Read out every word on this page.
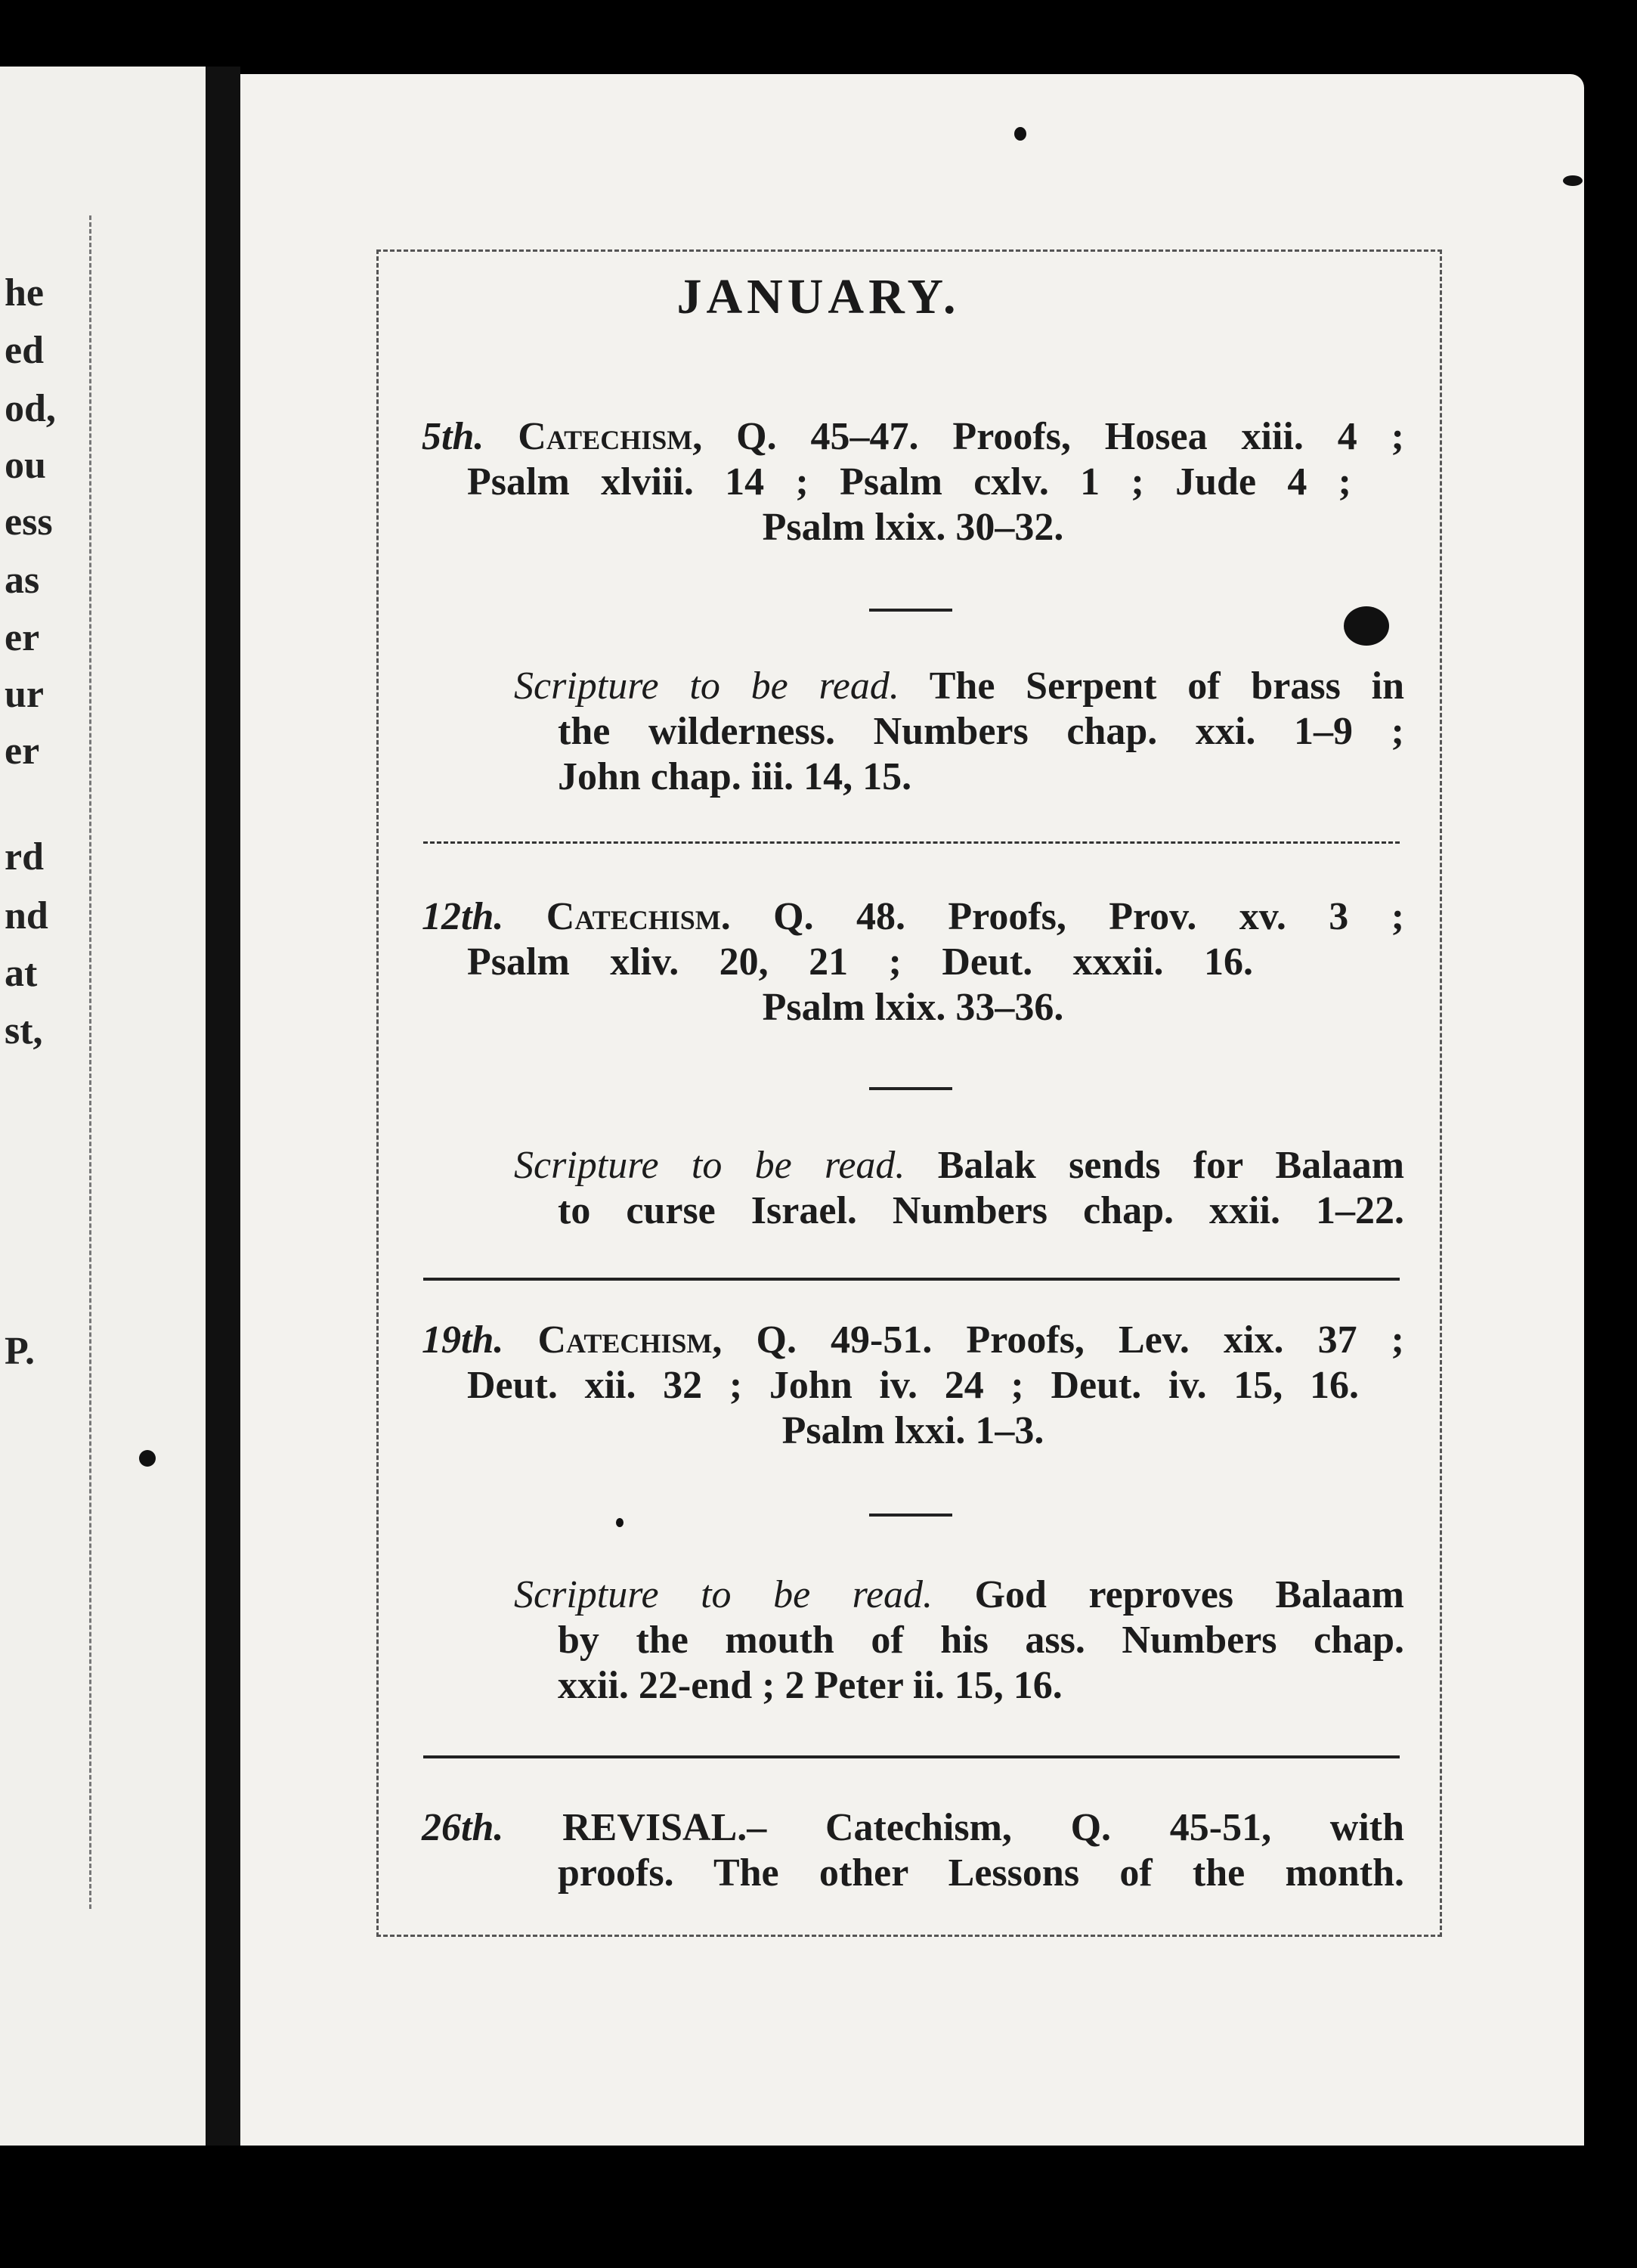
he
ed
od,
ou
ess
as
er
ur
er
rd
nd
at
st,
P.
JANUARY.
5th. Catechism, Q. 45–47. Proofs, Hosea xiii. 4 ;
Psalm xlviii. 14 ; Psalm cxlv. 1 ; Jude 4 ;
Psalm lxix. 30–32.
Scripture to be read. The Serpent of brass in
the wilderness. Numbers chap. xxi. 1–9 ;
John chap. iii. 14, 15.
12th. Catechism. Q. 48. Proofs, Prov. xv. 3 ;
Psalm xliv. 20, 21 ; Deut. xxxii. 16.
Psalm lxix. 33–36.
Scripture to be read. Balak sends for Balaam
to curse Israel. Numbers chap. xxii. 1–22.
19th. Catechism, Q. 49-51. Proofs, Lev. xix. 37 ;
Deut. xii. 32 ; John iv. 24 ; Deut. iv. 15, 16.
Psalm lxxi. 1–3.
Scripture to be read. God reproves Balaam
by the mouth of his ass. Numbers chap.
xxii. 22-end ; 2 Peter ii. 15, 16.
26th. REVISAL.– Catechism, Q. 45-51, with
proofs. The other Lessons of the month.
